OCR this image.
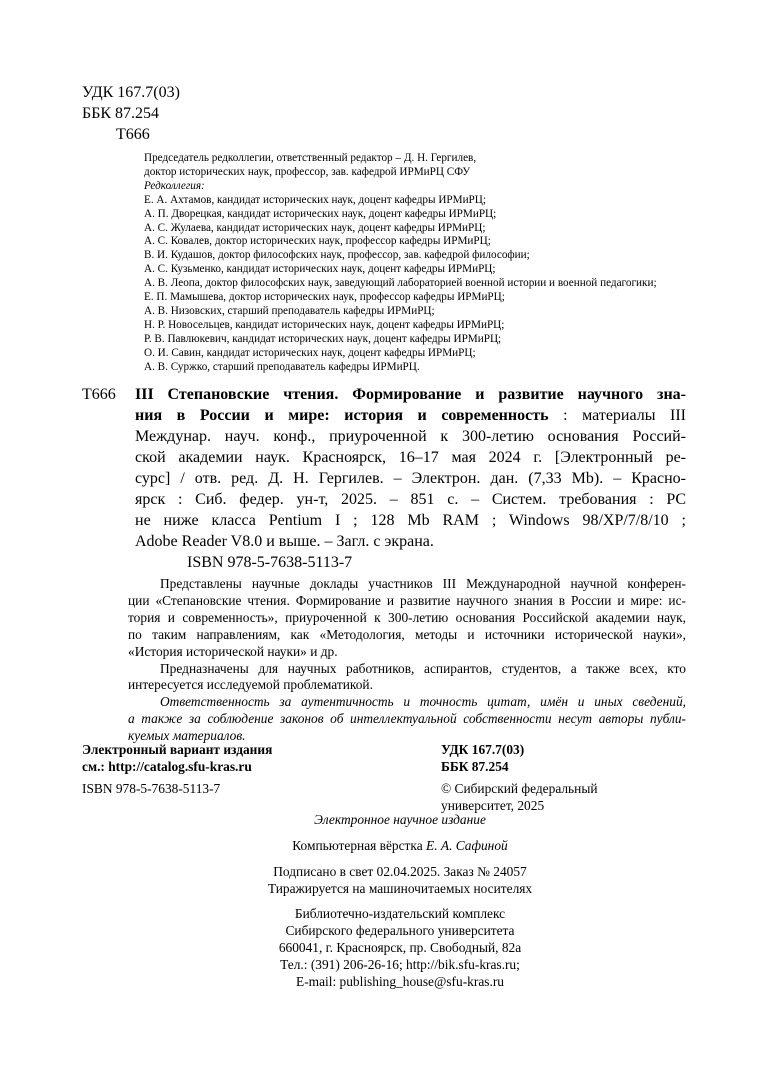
УДК 167.7(03)
ББК 87.254
Т666
Председатель редколлегии, ответственный редактор – Д. Н. Гергилев,
доктор исторических наук, профессор, зав. кафедрой ИРМиРЦ СФУ
Редколлегия:
Е. А. Ахтамов, кандидат исторических наук, доцент кафедры ИРМиРЦ;
А. П. Дворецкая, кандидат исторических наук, доцент кафедры ИРМиРЦ;
А. С. Жулаева, кандидат исторических наук, доцент кафедры ИРМиРЦ;
А. С. Ковалев, доктор исторических наук, профессор кафедры ИРМиРЦ;
В. И. Кудашов, доктор философских наук, профессор, зав. кафедрой философии;
А. С. Кузьменко, кандидат исторических наук, доцент кафедры ИРМиРЦ;
А. В. Леопа, доктор философских наук, заведующий лабораторией военной истории и военной педагогики;
Е. П. Мамышева, доктор исторических наук, профессор кафедры ИРМиРЦ;
А. В. Низовских, старший преподаватель кафедры ИРМиРЦ;
Н. Р. Новосельцев, кандидат исторических наук, доцент кафедры ИРМиРЦ;
Р. В. Павлюкевич, кандидат исторических наук, доцент кафедры ИРМиРЦ;
О. И. Савин, кандидат исторических наук, доцент кафедры ИРМиРЦ;
А. В. Суржко, старший преподаватель кафедры ИРМиРЦ.
Т666 III Степановские чтения. Формирование и развитие научного зна-
ния в России и мире: история и современность : материалы III
Междунар. науч. конф., приуроченной к 300-летию основания Россий-
ской академии наук. Красноярск, 16–17 мая 2024 г. [Электронный ре-
сурс] / отв. ред. Д. Н. Гергилев. – Электрон. дан. (7,33 Mb). – Красно-
ярск : Сиб. федер. ун-т, 2025. – 851 с. – Систем. требования : PC
не ниже класса Pentium I ; 128 Mb RAM ; Windows 98/XP/7/8/10 ;
Adobe Reader V8.0 и выше. – Загл. с экрана.
ISBN 978-5-7638-5113-7
Представлены научные доклады участников III Международной научной конферен-
ции «Степановские чтения. Формирование и развитие научного знания в России и мире: ис-
тория и современность», приуроченной к 300-летию основания Российской академии наук,
по таким направлениям, как «Методология, методы и источники исторической науки»,
«История исторической науки» и др.
Предназначены для научных работников, аспирантов, студентов, а также всех, кто
интересуется исследуемой проблематикой.
Ответственность за аутентичность и точность цитат, имён и иных сведений,
а также за соблюдение законов об интеллектуальной собственности несут авторы публи-
куемых материалов.
Электронный вариант издания
см.: http://catalog.sfu-kras.ru
ISBN 978-5-7638-5113-7
УДК 167.7(03)
ББК 87.254
© Сибирский федеральный
университет, 2025
Электронное научное издание
Компьютерная вёрстка Е. А. Сафиной
Подписано в свет 02.04.2025. Заказ № 24057
Тиражируется на машиночитаемых носителях
Библиотечно-издательский комплекс
Сибирского федерального университета
660041, г. Красноярск, пр. Свободный, 82а
Тел.: (391) 206-26-16; http://bik.sfu-kras.ru;
E-mail: publishing_house@sfu-kras.ru
